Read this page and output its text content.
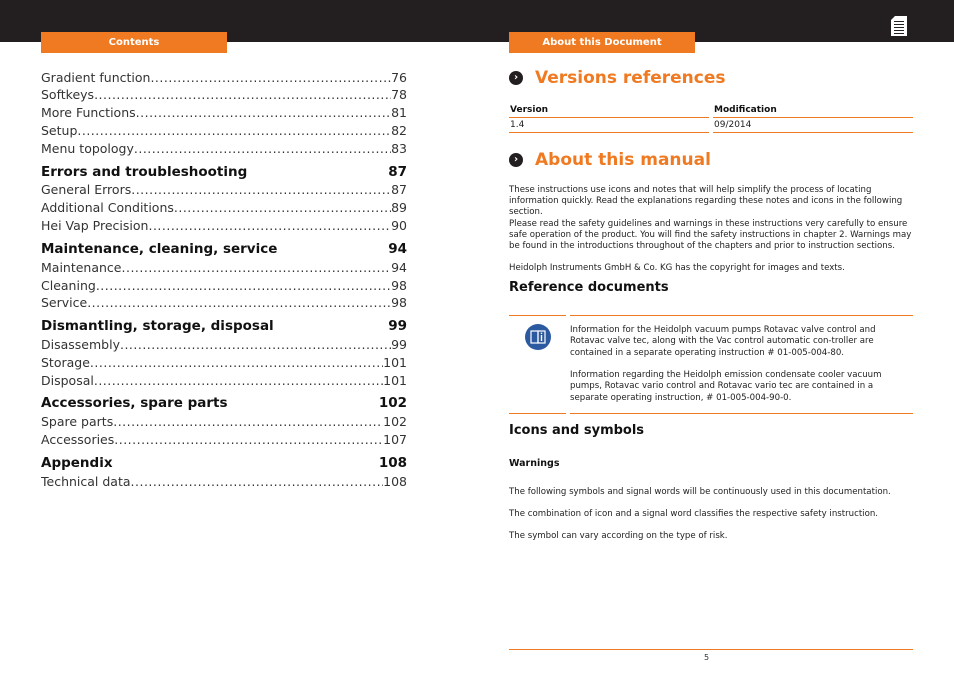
Contents	About this Document
› Versions references
Version	Modification
1.4	09/2014
› About this manual
These instructions use icons and notes that will help simplify the process of locating information quickly. Read the explanations regarding these notes and icons in the following section.
Please read the safety guidelines and warnings in these instructions very carefully to ensure safe operation of the product. You will find the safety instructions in chapter 2. Warnings may be found in the introductions throughout of the chapters and prior to instruction sections.
Heidolph Instruments GmbH & Co. KG has the copyright for images and texts.
Reference documents
Information for the Heidolph vacuum pumps Rotavac valve control and Rotavac valve tec, along with the Vac control automatic con-troller are contained in a separate operating instruction # 01-005-004-80.
Information regarding the Heidolph emission condensate cooler vacuum pumps, Rotavac vario control and Rotavac vario tec are contained in a separate operating instruction, # 01-005-004-90-0.
Icons and symbols
Warnings
The following symbols and signal words will be continuously used in this documentation.
The combination of icon and a signal word classifies the respective safety instruction.
The symbol can vary according on the type of risk.
5
Gradient function .....	76
Softkeys .....	78
More Functions .....	81
Setup .....	82
Menu topology .....	83
Errors and troubleshooting	87
General Errors .....	87
Additional Conditions .....	89
Hei Vap Precision .....	90
Maintenance, cleaning, service	94
Maintenance .....	94
Cleaning .....	98
Service .....	98
Dismantling, storage, disposal	99
Disassembly .....	99
Storage .....	101
Disposal .....	101
Accessories, spare parts	102
Spare parts .....	102
Accessories .....	107
Appendix	108
Technical data .....	108
